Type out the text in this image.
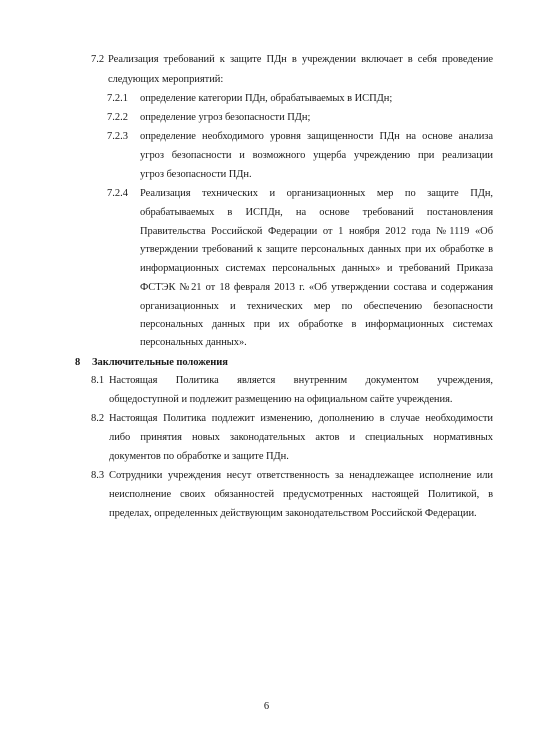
7.2 Реализация требований к защите ПДн в учреждении включает в себя проведение
следующих мероприятий:
7.2.1 определение категории ПДн, обрабатываемых в ИСПДн;
7.2.2 определение угроз безопасности ПДн;
7.2.3 определение необходимого уровня защищенности ПДн на основе анализа
угроз безопасности и возможного ущерба учреждению при реализации
угроз безопасности ПДн.
7.2.4 Реализация технических и организационных мер по защите ПДн,
обрабатываемых в ИСПДн, на основе требований постановления
Правительства Российской Федерации от 1 ноября 2012 года №1119 «Об
утверждении требований к защите персональных данных при их обработке в
информационных системах персональных данных» и требований Приказа
ФСТЭК №21 от 18 февраля 2013 г. «Об утверждении состава и содержания
организационных и технических мер по обеспечению безопасности
персональных данных при их обработке в информационных системах
персональных данных».
8 Заключительные положения
8.1 Настоящая Политика является внутренним документом учреждения,
общедоступной и подлежит размещению на официальном сайте учреждения.
8.2 Настоящая Политика подлежит изменению, дополнению в случае необходимости
либо принятия новых законодательных актов и специальных нормативных
документов по обработке и защите ПДн.
8.3 Сотрудники учреждения несут ответственность за ненадлежащее исполнение или
неисполнение своих обязанностей предусмотренных настоящей Политикой, в
пределах, определенных действующим законодательством Российской Федерации.
6
